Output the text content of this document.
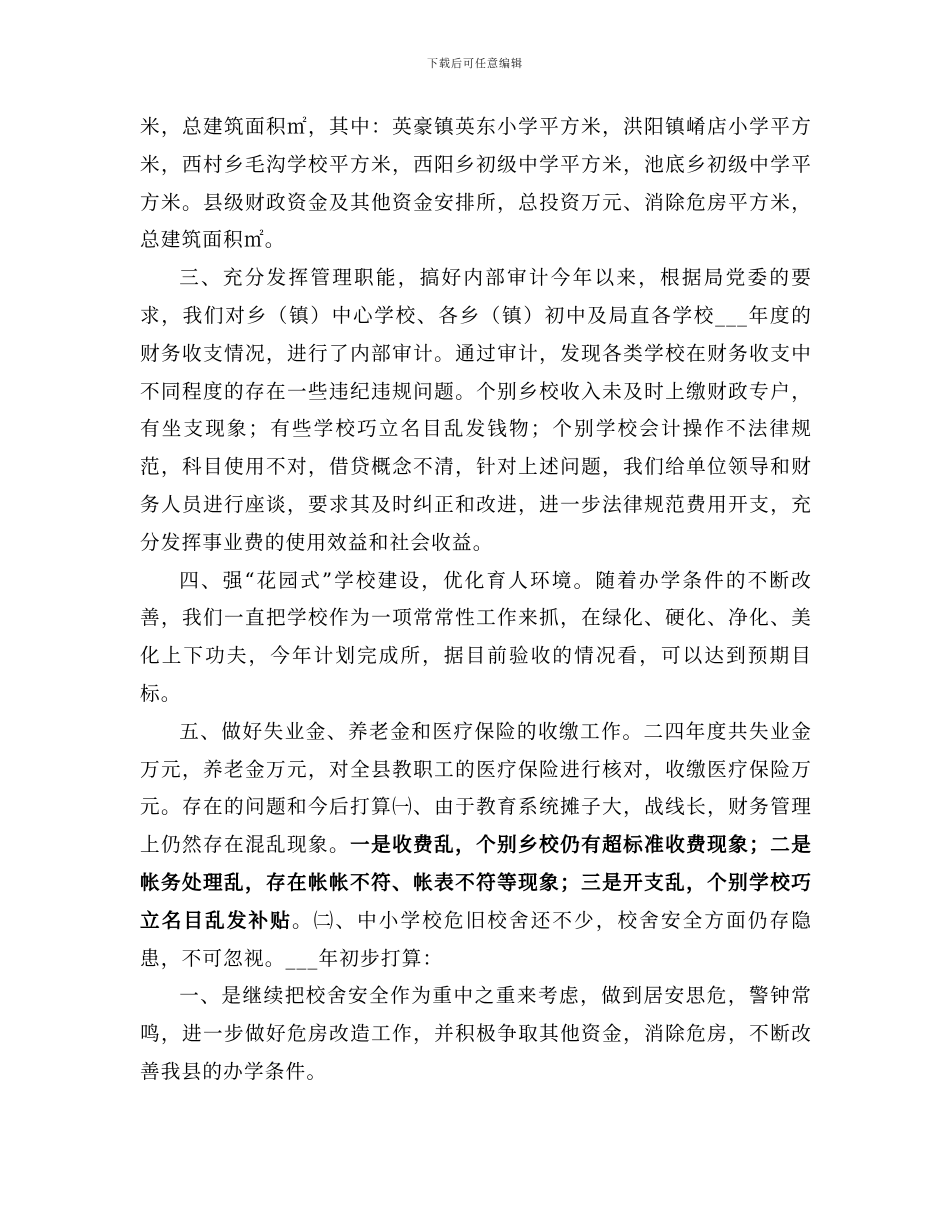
下载后可任意编辑

米，总建筑面积㎡，其中：英豪镇英东小学平方米，洪阳镇崤店小学平方米，西村乡毛沟学校平方米，西阳乡初级中学平方米，池底乡初级中学平方米。县级财政资金及其他资金安排所，总投资万元、消除危房平方米，总建筑面积㎡。

三、充分发挥管理职能，搞好内部审计今年以来，根据局党委的要求，我们对乡（镇）中心学校、各乡（镇）初中及局直各学校___年度的财务收支情况，进行了内部审计。通过审计，发现各类学校在财务收支中不同程度的存在一些违纪违规问题。个别乡校收入未及时上缴财政专户，有坐支现象；有些学校巧立名目乱发钱物；个别学校会计操作不法律规范，科目使用不对，借贷概念不清，针对上述问题，我们给单位领导和财务人员进行座谈，要求其及时纠正和改进，进一步法律规范费用开支，充分发挥事业费的使用效益和社会收益。

四、强“花园式”学校建设，优化育人环境。随着办学条件的不断改善，我们一直把学校作为一项常常性工作来抓，在绿化、硬化、净化、美化上下功夫，今年计划完成所，据目前验收的情况看，可以达到预期目标。

五、做好失业金、养老金和医疗保险的收缴工作。二四年度共失业金万元，养老金万元，对全县教职工的医疗保险进行核对，收缴医疗保险万元。存在的问题和今后打算㈠、由于教育系统摊子大，战线长，财务管理上仍然存在混乱现象。一是收费乱，个别乡校仍有超标准收费现象；二是帐务处理乱，存在帐帐不符、帐表不符等现象；三是开支乱，个别学校巧立名目乱发补贴。㈡、中小学校危旧校舍还不少，校舍安全方面仍存隐患，不可忽视。___年初步打算：

一、是继续把校舍安全作为重中之重来考虑，做到居安思危，警钟常鸣，进一步做好危房改造工作，并积极争取其他资金，消除危房，不断改善我县的办学条件。
